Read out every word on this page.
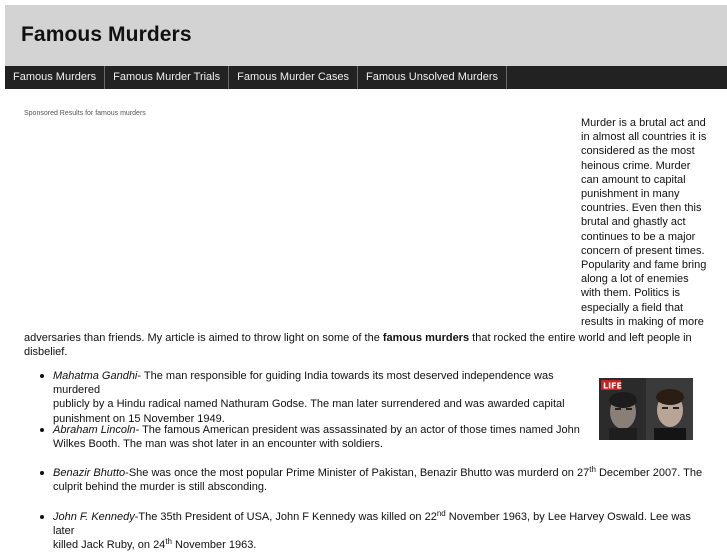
Famous Murders
Famous Murders	Famous Murder Trials	Famous Murder Cases	Famous Unsolved Murders
Sponsored Results for famous murders
Murder is a brutal act and in almost all countries it is considered as the most heinous crime. Murder can amount to capital punishment in many countries. Even then this brutal and ghastly act continues to be a major concern of present times. Popularity and fame bring along a lot of enemies with them. Politics is especially a field that results in making of more
adversaries than friends. My article is aimed to throw light on some of the famous murders that rocked the entire world and left people in disbelief.
LIFE
Mahatma Gandhi- The man responsible for guiding India towards its most deserved independence was murdered
publicly by a Hindu radical named Nathuram Godse. The man later surrendered and was awarded capital
punishment on 15 November 1949.
Abraham Lincoln- The famous American president was assassinated by an actor of those times named John
Wilkes Booth. The man was shot later in an encounter with soldiers.
Benazir Bhutto-She was once the most popular Prime Minister of Pakistan, Benazir Bhutto was murderd on 27th December 2007. The
culprit behind the murder is still absconding.
John F. Kennedy-The 35th President of USA, John F Kennedy was killed on 22nd November 1963, by Lee Harvey Oswald. Lee was later
killed Jack Ruby, on 24th November 1963.
